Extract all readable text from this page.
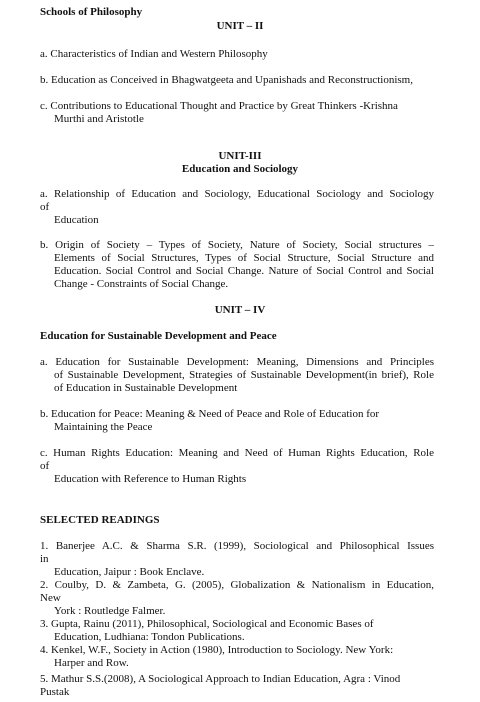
Schools of Philosophy
UNIT – II
a. Characteristics of Indian and Western Philosophy
b. Education as Conceived in Bhagwatgeeta and Upanishads and Reconstructionism,
c. Contributions to Educational Thought and Practice by Great Thinkers -Krishna
Murthi and Aristotle
UNIT-III
Education and Sociology
a. Relationship of Education and Sociology, Educational Sociology and Sociology
of
Education
b. Origin of Society – Types of Society, Nature of Society, Social structures –
Elements of Social Structures, Types of Social Structure, Social Structure and
Education. Social Control and Social Change. Nature of Social Control and Social
Change - Constraints of Social Change.
UNIT – IV
Education for Sustainable Development and Peace
a. Education for Sustainable Development: Meaning, Dimensions and Principles
of Sustainable Development, Strategies of Sustainable Development(in brief), Role
of Education in Sustainable Development
b. Education for Peace: Meaning & Need of Peace and Role of Education for
Maintaining the Peace
c. Human Rights Education: Meaning and Need of Human Rights Education, Role
of
Education with Reference to Human Rights
SELECTED READINGS
1. Banerjee A.C. & Sharma S.R. (1999), Sociological and Philosophical Issues
in
Education, Jaipur : Book Enclave.
2. Coulby, D. & Zambeta, G. (2005), Globalization & Nationalism in Education,
New
York : Routledge Falmer.
3. Gupta, Rainu (2011), Philosophical, Sociological and Economic Bases of
Education, Ludhiana: Tondon Publications.
4. Kenkel, W.F., Society in Action (1980), Introduction to Sociology. New York:
Harper and Row.
5. Mathur S.S.(2008), A Sociological Approach to Indian Education, Agra : Vinod
Pustak
